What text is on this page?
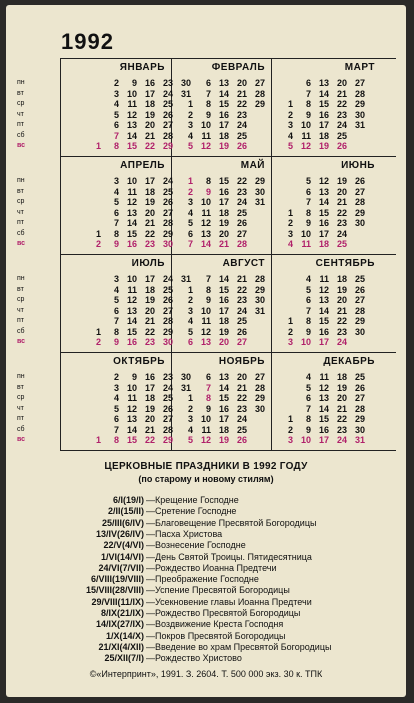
1992
ЯНВАРЬ
1
2
3
4
5
6
7
8
9
10
11
12
13
14
15
16
17
18
19
20
21
22
23
24
25
26
27
28
29
30
31
пн
вт
ср
чт
пт
сб
вс
ФЕВРАЛЬ
1
2
3
4
5
6
7
8
9
10
11
12
13
14
15
16
17
18
19
20
21
22
23
24
25
26
27
28
29
МАРТ
1
2
3
4
5
6
7
8
9
10
11
12
13
14
15
16
17
18
19
20
21
22
23
24
25
26
27
28
29
30
31
АПРЕЛЬ
1
2
3
4
5
6
7
8
9
10
11
12
13
14
15
16
17
18
19
20
21
22
23
24
25
26
27
28
29
30
пн
вт
ср
чт
пт
сб
вс
МАЙ
1
2
3
4
5
6
7
8
9
10
11
12
13
14
15
16
17
18
19
20
21
22
23
24
25
26
27
28
29
30
31
ИЮНЬ
1
2
3
4
5
6
7
8
9
10
11
12
13
14
15
16
17
18
19
20
21
22
23
24
25
26
27
28
29
30
ИЮЛЬ
1
2
3
4
5
6
7
8
9
10
11
12
13
14
15
16
17
18
19
20
21
22
23
24
25
26
27
28
29
30
31
пн
вт
ср
чт
пт
сб
вс
АВГУСТ
1
2
3
4
5
6
7
8
9
10
11
12
13
14
15
16
17
18
19
20
21
22
23
24
25
26
27
28
29
30
31
СЕНТЯБРЬ
1
2
3
4
5
6
7
8
9
10
11
12
13
14
15
16
17
18
19
20
21
22
23
24
25
26
27
28
29
30
ОКТЯБРЬ
1
2
3
4
5
6
7
8
9
10
11
12
13
14
15
16
17
18
19
20
21
22
23
24
25
26
27
28
29
30
31
пн
вт
ср
чт
пт
сб
вс
НОЯБРЬ
1
2
3
4
5
6
7
8
9
10
11
12
13
14
15
16
17
18
19
20
21
22
23
24
25
26
27
28
29
30
ДЕКАБРЬ
1
2
3
4
5
6
7
8
9
10
11
12
13
14
15
16
17
18
19
20
21
22
23
24
25
26
27
28
29
30
31
ЦЕРКОВНЫЕ ПРАЗДНИКИ В 1992 ГОДУ
(по старому и новому стилям)
6/I(19/I) —Крещение Господне
2/II(15/II) —Сретение Господне
25/III(6/IV) —Благовещение Пресвятой Богородицы
13/IV(26/IV) —Пасха Христова
22/V(4/VI) —Вознесение Господне
1/VI(14/VI) —День Святой Троицы. Пятидесятница
24/VI(7/VII) —Рождество Иоанна Предтечи
6/VIII(19/VIII) —Преображение Господне
15/VIII(28/VIII) —Успение Пресвятой Богородицы
29/VIII(11/IX) —Усекновение главы Иоанна Предтечи
8/IX(21/IX) —Рождество Пресвятой Богородицы
14/IX(27/IX) —Воздвижение Креста Господня
1/X(14/X) —Покров Пресвятой Богородицы
21/XI(4/XII) —Введение во храм Пресвятой Богородицы
25/XII(7/I) —Рождество Христово
©«Интерпринт», 1991. З. 2604. Т. 500 000 экз. 30 к. ТПК
